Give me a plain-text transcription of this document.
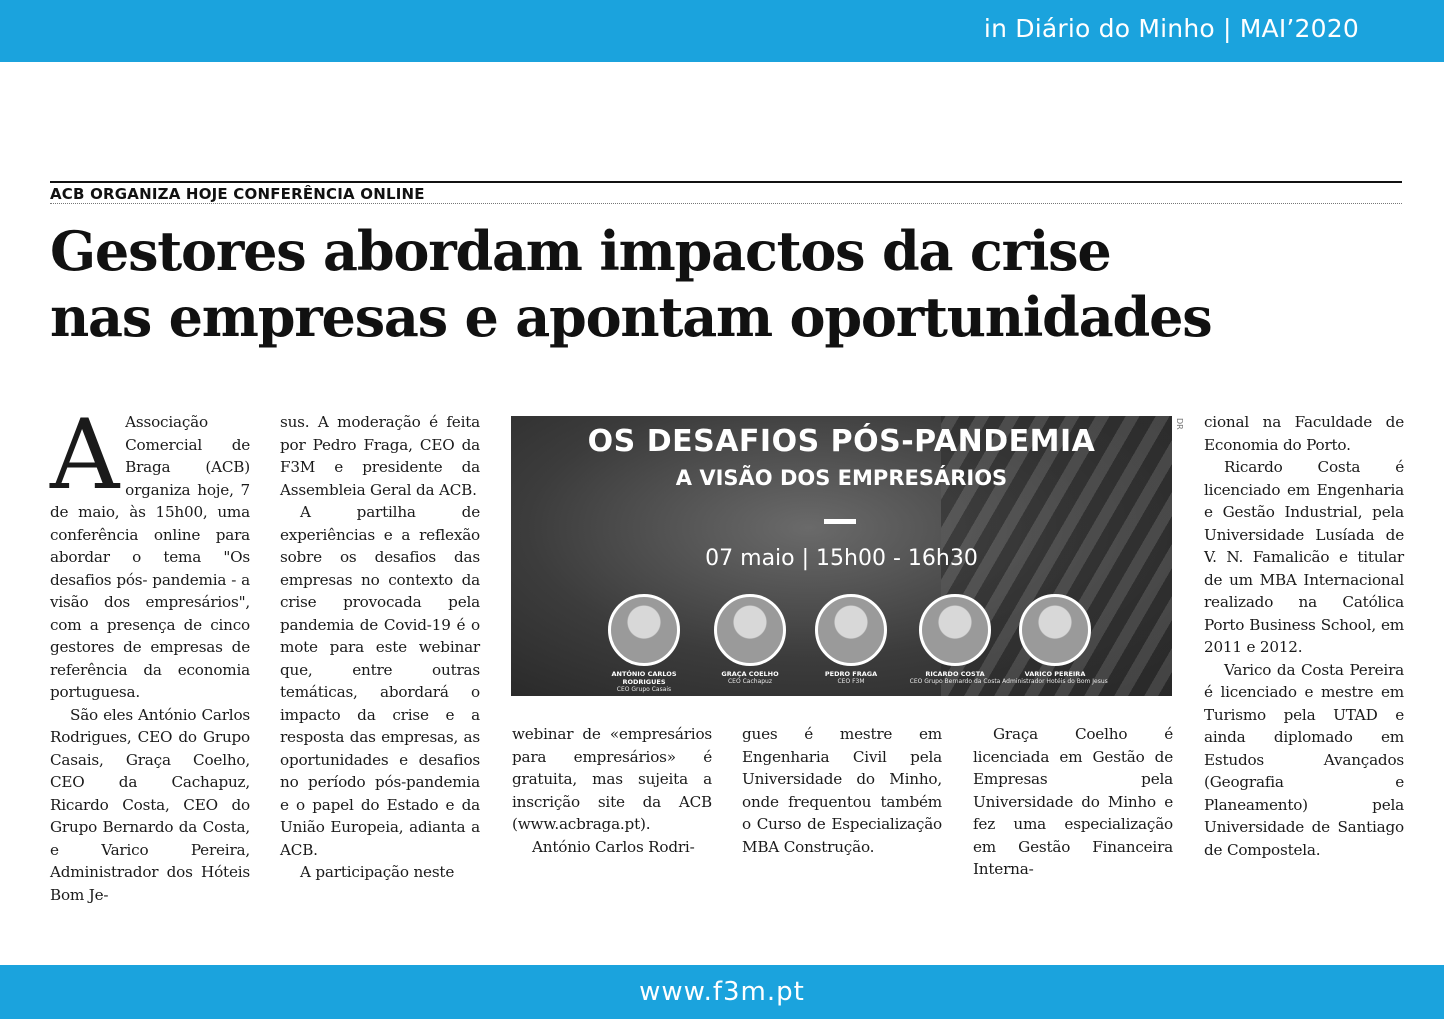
in Diário do Minho | MAI’2020
ACB ORGANIZA HOJE CONFERÊNCIA ONLINE
Gestores abordam impactos da crise
nas empresas e apontam oportunidades
A Associação Comercial de Braga (ACB) organiza hoje, 7 de maio, às 15h00, uma conferência online para abordar o tema "Os desafios pós- pandemia - a visão dos empresários", com a presença de cinco gestores de empresas de referência da economia portuguesa.

São eles António Carlos Rodrigues, CEO do Grupo Casais, Graça Coelho, CEO da Cachapuz, Ricardo Costa, CEO do Grupo Bernardo da Costa, e Varico Pereira, Administrador dos Hóteis Bom Je-

sus. A moderação é feita por Pedro Fraga, CEO da F3M e presidente da Assembleia Geral da ACB.

A partilha de experiências e a reflexão sobre os desafios das empresas no contexto da crise provocada pela pandemia de Covid-19 é o mote para este webinar que, entre outras temáticas, abordará o impacto da crise e a resposta das empresas, as oportunidades e desafios no período pós-pandemia e o papel do Estado e da União Europeia, adianta a ACB.

A participação neste

OS DESAFIOS PÓS-PANDEMIA
A VISÃO DOS EMPRESÁRIOS
07 maio | 15h00 - 16h30
ANTÓNIO CARLOS RODRIGUES
CEO Grupo Casais
GRAÇA COELHO
CEO Cachapuz
PEDRO FRAGA
CEO F3M
RICARDO COSTA
CEO Grupo Bernardo da Costa
VARICO PEREIRA
Administrador Hotéis do Bom Jesus
DR

webinar de «empresários para empresários» é gratuita, mas sujeita a inscrição site da ACB (www.acbraga.pt).

António Carlos Rodri-

gues é mestre em Engenharia Civil pela Universidade do Minho, onde frequentou também o Curso de Especialização MBA Construção.

Graça Coelho é licenciada em Gestão de Empresas pela Universidade do Minho e fez uma especialização em Gestão Financeira Interna-

cional na Faculdade de Economia do Porto.

Ricardo Costa é licenciado em Engenharia e Gestão Industrial, pela Universidade Lusíada de V. N. Famalicão e titular de um MBA Internacional realizado na Católica Porto Business School, em 2011 e 2012.

Varico da Costa Pereira é licenciado e mestre em Turismo pela UTAD e ainda diplomado em Estudos Avançados (Geografia e Planeamento) pela Universidade de Santiago de Compostela.

www.f3m.pt
